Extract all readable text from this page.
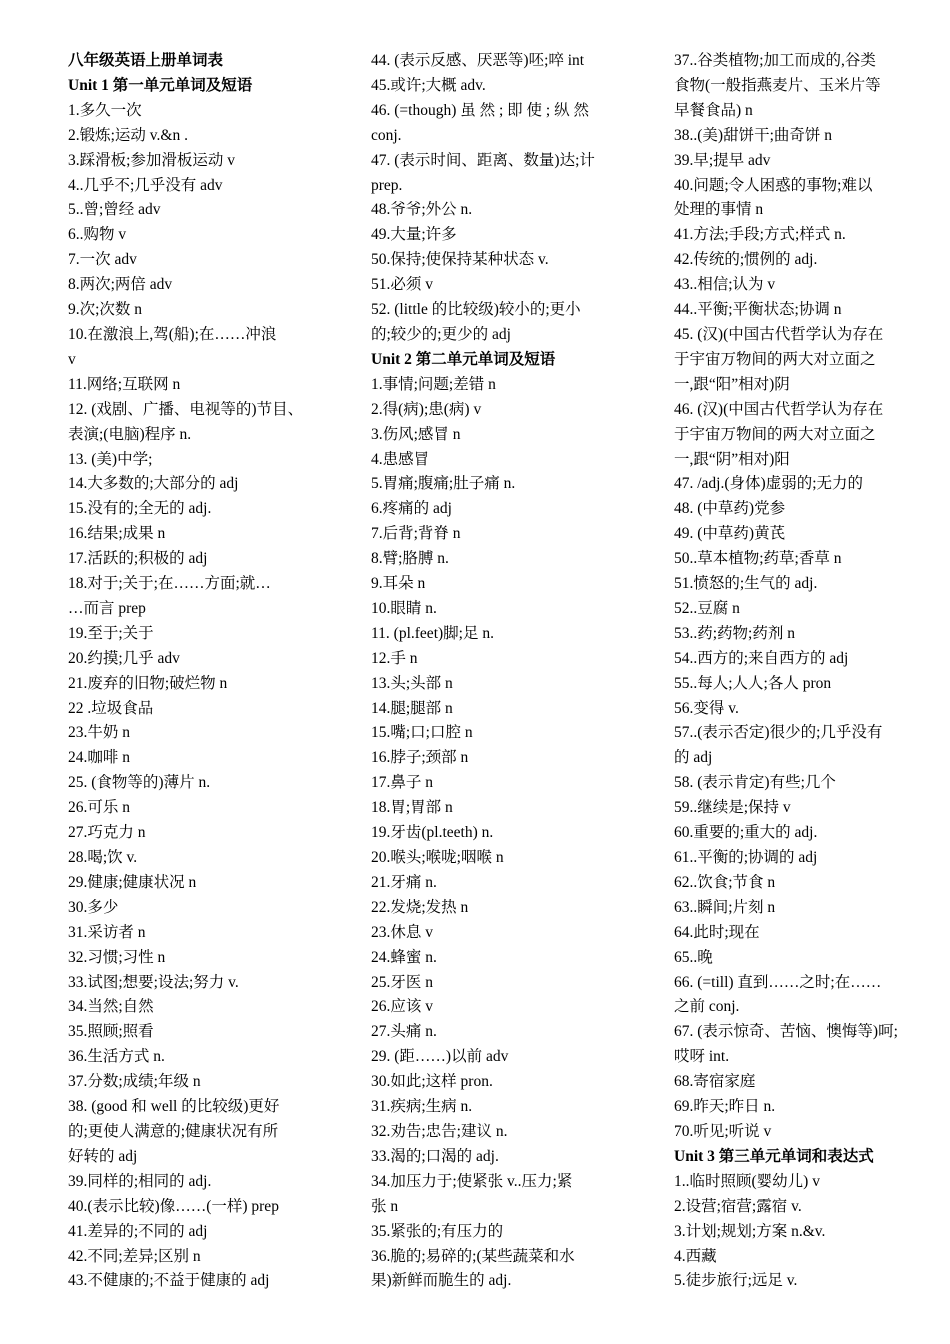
八年级英语上册单词表
Unit 1 第一单元单词及短语
1.多久一次
2.锻炼;运动 v.&n .
3.踩滑板;参加滑板运动 v
4..几乎不;几乎没有 adv
5..曾;曾经 adv
6..购物 v
7.一次 adv
8.两次;两倍 adv
9.次;次数 n
10.在激浪上,驾(船);在……冲浪
v
11.网络;互联网 n
12. (戏剧、广播、电视等的)节目、
表演;(电脑)程序 n.
13. (美)中学;
14.大多数的;大部分的 adj
15.没有的;全无的 adj.
16.结果;成果 n
17.活跃的;积极的 adj
18.对于;关于;在……方面;就…
…而言 prep
19.至于;关于
20.约摸;几乎 adv
21.废弃的旧物;破烂物 n
22 .垃圾食品
23.牛奶 n
24.咖啡 n
25. (食物等的)薄片 n.
26.可乐 n
27.巧克力 n
28.喝;饮 v.
29.健康;健康状况 n
30.多少
31.采访者 n
32.习惯;习性 n
33.试图;想要;设法;努力 v.
34.当然;自然
35.照顾;照看
36.生活方式 n.
37.分数;成绩;年级 n
38. (good 和 well 的比较级)更好
的;更使人满意的;健康状况有所
好转的 adj
39.同样的;相同的 adj.
40.(表示比较)像……(一样) prep
41.差异的;不同的 adj
42.不同;差异;区别 n
43.不健康的;不益于健康的 adj
44. (表示反感、厌恶等)呸;啐 int
45.或许;大概 adv.
46. (=though) 虽 然 ; 即 使 ; 纵 然
conj.
47. (表示时间、距离、数量)达;计
prep.
48.爷爷;外公 n.
49.大量;许多
50.保持;使保持某种状态 v.
51.必须 v
52. (little 的比较级)较小的;更小
的;较少的;更少的 adj
Unit 2 第二单元单词及短语
1.事情;问题;差错 n
2.得(病);患(病) v
3.伤风;感冒 n
4.患感冒
5.胃痛;腹痛;肚子痛 n.
6.疼痛的 adj
7.后背;背脊 n
8.臂;胳膊 n.
9.耳朵 n
10.眼睛 n.
11. (pl.feet)脚;足 n.
12.手 n
13.头;头部 n
14.腿;腿部 n
15.嘴;口;口腔 n
16.脖子;颈部 n
17.鼻子 n
18.胃;胃部 n
19.牙齿(pl.teeth) n.
20.喉头;喉咙;咽喉 n
21.牙痛 n.
22.发烧;发热 n
23.休息 v
24.蜂蜜 n.
25.牙医 n
26.应该 v
27.头痛 n.
29. (距……)以前 adv
30.如此;这样 pron.
31.疾病;生病 n.
32.劝告;忠告;建议 n.
33.渴的;口渴的 adj.
34.加压力于;使紧张 v..压力;紧
张 n
35.紧张的;有压力的
36.脆的;易碎的;(某些蔬菜和水
果)新鲜而脆生的 adj.
37..谷类植物;加工而成的,谷类
食物(一般指燕麦片、玉米片等
早餐食品) n
38..(美)甜饼干;曲奇饼 n
39.早;提早 adv
40.问题;令人困惑的事物;难以
处理的事情 n
41.方法;手段;方式;样式 n.
42.传统的;惯例的 adj.
43..相信;认为 v
44..平衡;平衡状态;协调 n
45. (汉)(中国古代哲学认为存在
于宇宙万物间的两大对立面之
一,跟“阳”相对)阴
46. (汉)(中国古代哲学认为存在
于宇宙万物间的两大对立面之
一,跟“阴”相对)阳
47. /adj.(身体)虚弱的;无力的
48. (中草药)党参
49. (中草药)黄芪
50..草本植物;药草;香草 n
51.愤怒的;生气的 adj.
52..豆腐 n
53..药;药物;药剂 n
54..西方的;来自西方的 adj
55..每人;人人;各人 pron
56.变得 v.
57..(表示否定)很少的;几乎没有
的 adj
58. (表示肯定)有些;几个
59..继续是;保持 v
60.重要的;重大的 adj.
61..平衡的;协调的 adj
62..饮食;节食 n
63..瞬间;片刻 n
64.此时;现在
65..晚
66. (=till) 直到……之时;在……
之前 conj.
67. (表示惊奇、苦恼、懊悔等)呵;
哎呀 int.
68.寄宿家庭
69.昨天;昨日 n.
70.听见;听说 v
Unit 3 第三单元单词和表达式
1..临时照顾(婴幼儿) v
2.设营;宿营;露宿 v.
3.计划;规划;方案 n.&v.
4.西藏
5.徒步旅行;远足 v.
